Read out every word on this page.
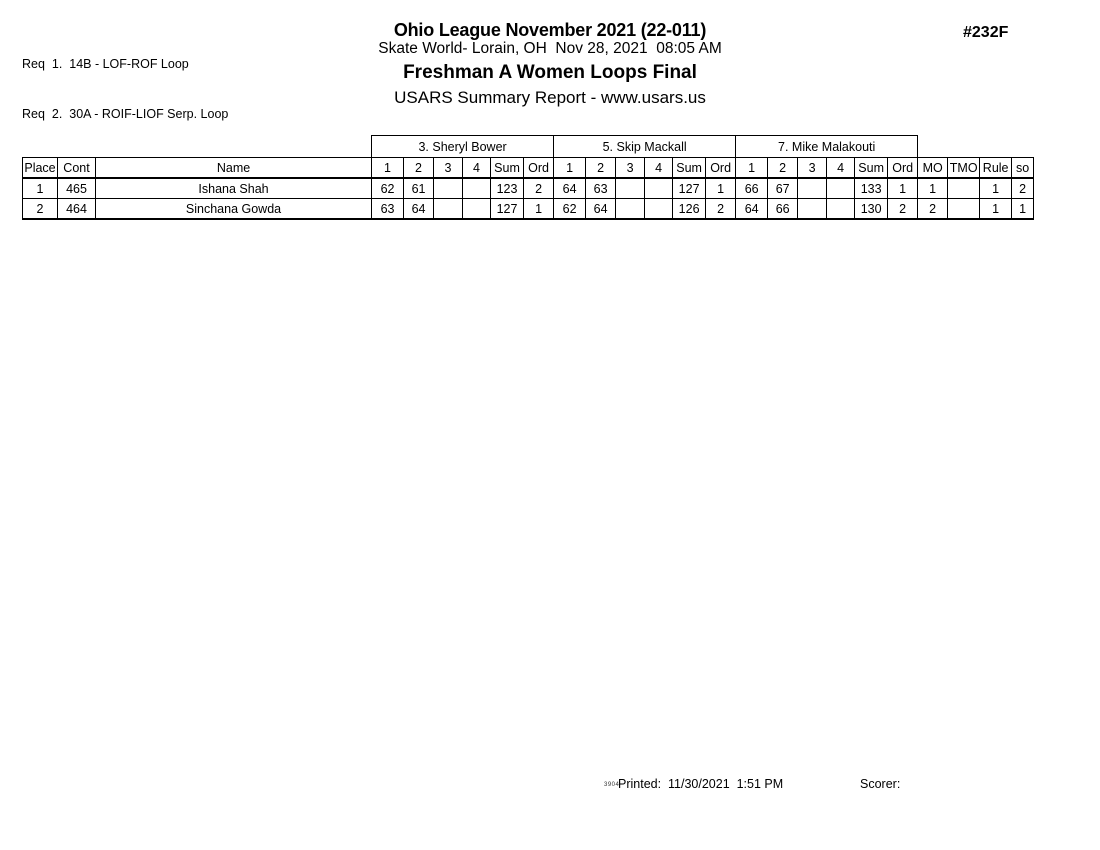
Req  1.  14B - LOF-ROF Loop

Req  2.  30A - ROIF-LIOF Serp. Loop

Ohio League November 2021 (22-011)
Skate World- Lorain, OH  Nov 28, 2021  08:05 AM
Freshman A Women Loops Final
USARS Summary Report - www.usars.us
#232F
			3. Sheryl Bower						5. Skip Mackall						7. Mike Malakouti									
Place	Cont	Name	1	2	3	4	Sum	Ord	1	2	3	4	Sum	Ord	1	2	3	4	Sum	Ord	MO	TMO	Rule	so
1	465	Ishana Shah	62	61			123	2	64	63			127	1	66	67			133	1	1		1	2
2	464	Sinchana Gowda	63	64			127	1	62	64			126	2	64	66			130	2	2		1	1
3904
Printed:  11/30/2021  1:51 PM	Scorer:
